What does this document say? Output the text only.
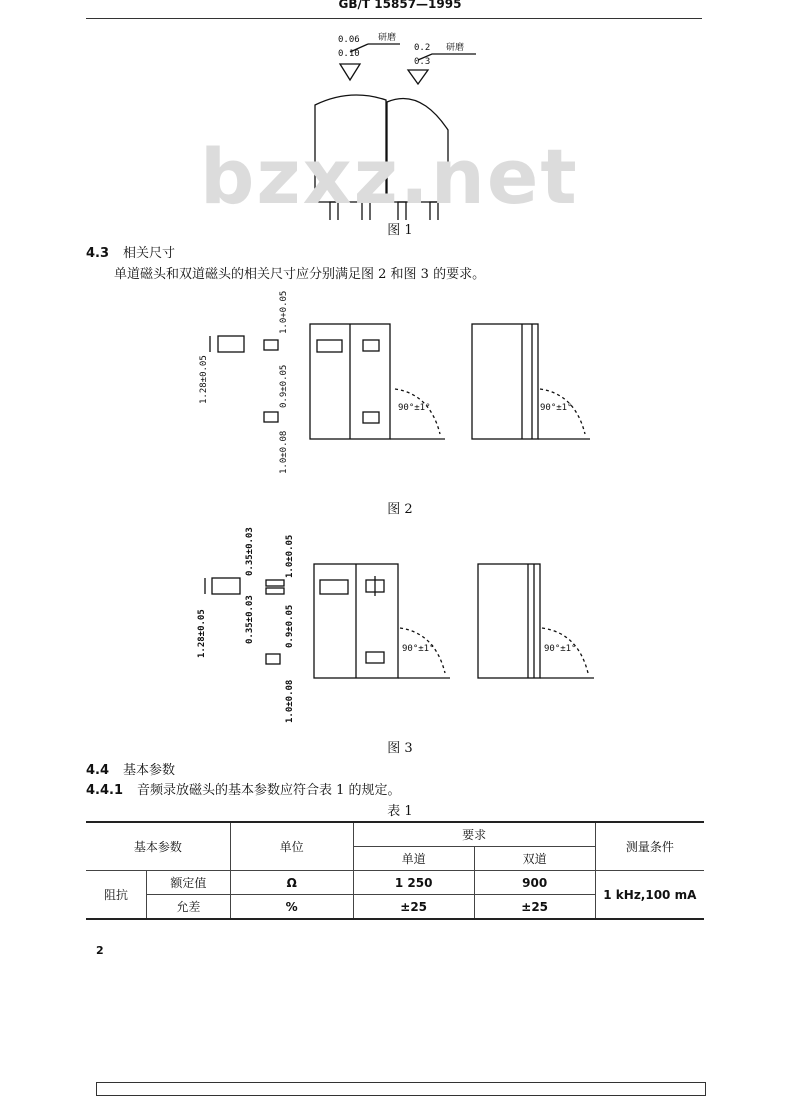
GB/T 15857—1995
0.06
0.10
研磨
0.2
0.3
研磨
bzxz.net
图 1
4.3 相关尺寸
单道磁头和双道磁头的相关尺寸应分别满足图 2 和图 3 的要求。
1.28±0.05
1.0+0.05
0.9±0.05
1.0±0.08
90°±1°	90°±1°
图 2
1.28±0.05
0.35±0.03
0.35±0.03
1.0±0.05
0.9±0.05
1.0±0.08
90°±1°	90°±1°
图 3
4.4 基本参数
4.4.1 音频录放磁头的基本参数应符合表 1 的规定。
表 1
基本参数		单位	要求		测量条件
			单道	双道	
阻抗	额定值	Ω	1 250	900	1 kHz,100 mA
	允差	%	±25	±25	
2
